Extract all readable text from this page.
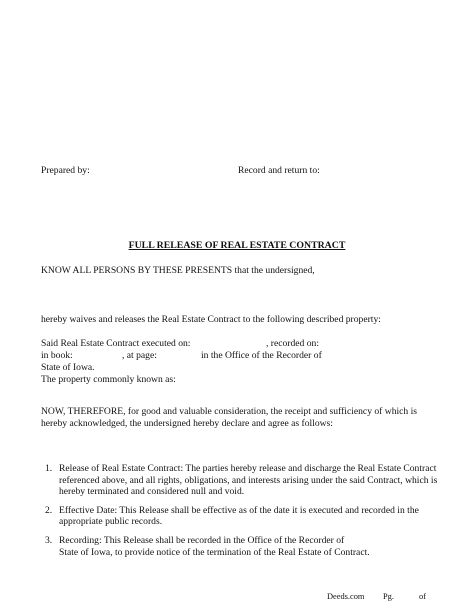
Prepared by:	Record and return to:
FULL RELEASE OF REAL ESTATE CONTRACT
KNOW ALL PERSONS BY THESE PRESENTS that the undersigned,
hereby waives and releases the Real Estate Contract to the following described property:
Said Real Estate Contract executed on:	, recorded on:
in book:	, at page:	in the Office of the Recorder of
State of Iowa.
The property commonly known as:
NOW, THEREFORE, for good and valuable consideration, the receipt and sufficiency of which is
hereby acknowledged, the undersigned hereby declare and agree as follows:
1. Release of Real Estate Contract: The parties hereby release and discharge the Real Estate Contract
referenced above, and all rights, obligations, and interests arising under the said Contract, which is
hereby terminated and considered null and void.
2. Effective Date: This Release shall be effective as of the date it is executed and recorded in the
appropriate public records.
3. Recording: This Release shall be recorded in the Office of the Recorder of
State of Iowa, to provide notice of the termination of the Real Estate of Contract.
Deeds.com Pg.	of
